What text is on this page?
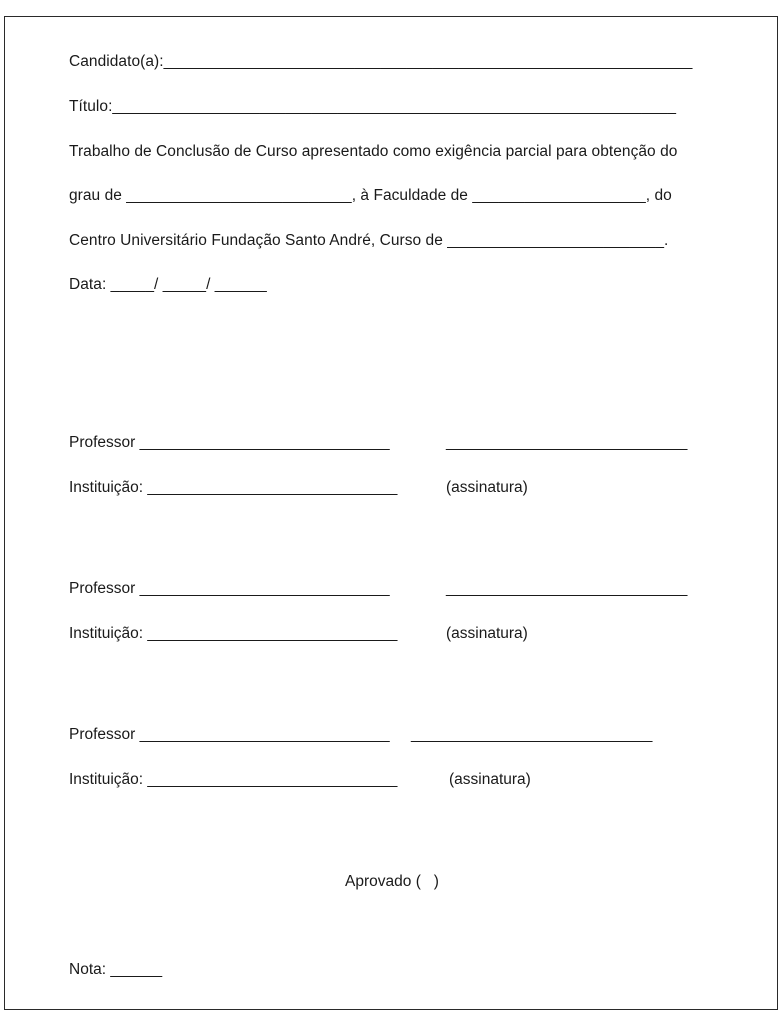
Candidato(a):_____________________________________________________________
Título:_________________________________________________________________
Trabalho de Conclusão de Curso apresentado como exigência parcial para obtenção do
grau de __________________________, à Faculdade de ____________________, do
Centro Universitário Fundação Santo André, Curso de _________________________.
Data: _____/ _____/ ______
Professor _____________________________	____________________________
Instituição: _____________________________	(assinatura)
Professor _____________________________	____________________________
Instituição: _____________________________	(assinatura)
Professor _____________________________ ____________________________
Instituição: _____________________________	(assinatura)
Aprovado (   )
Nota: ______
